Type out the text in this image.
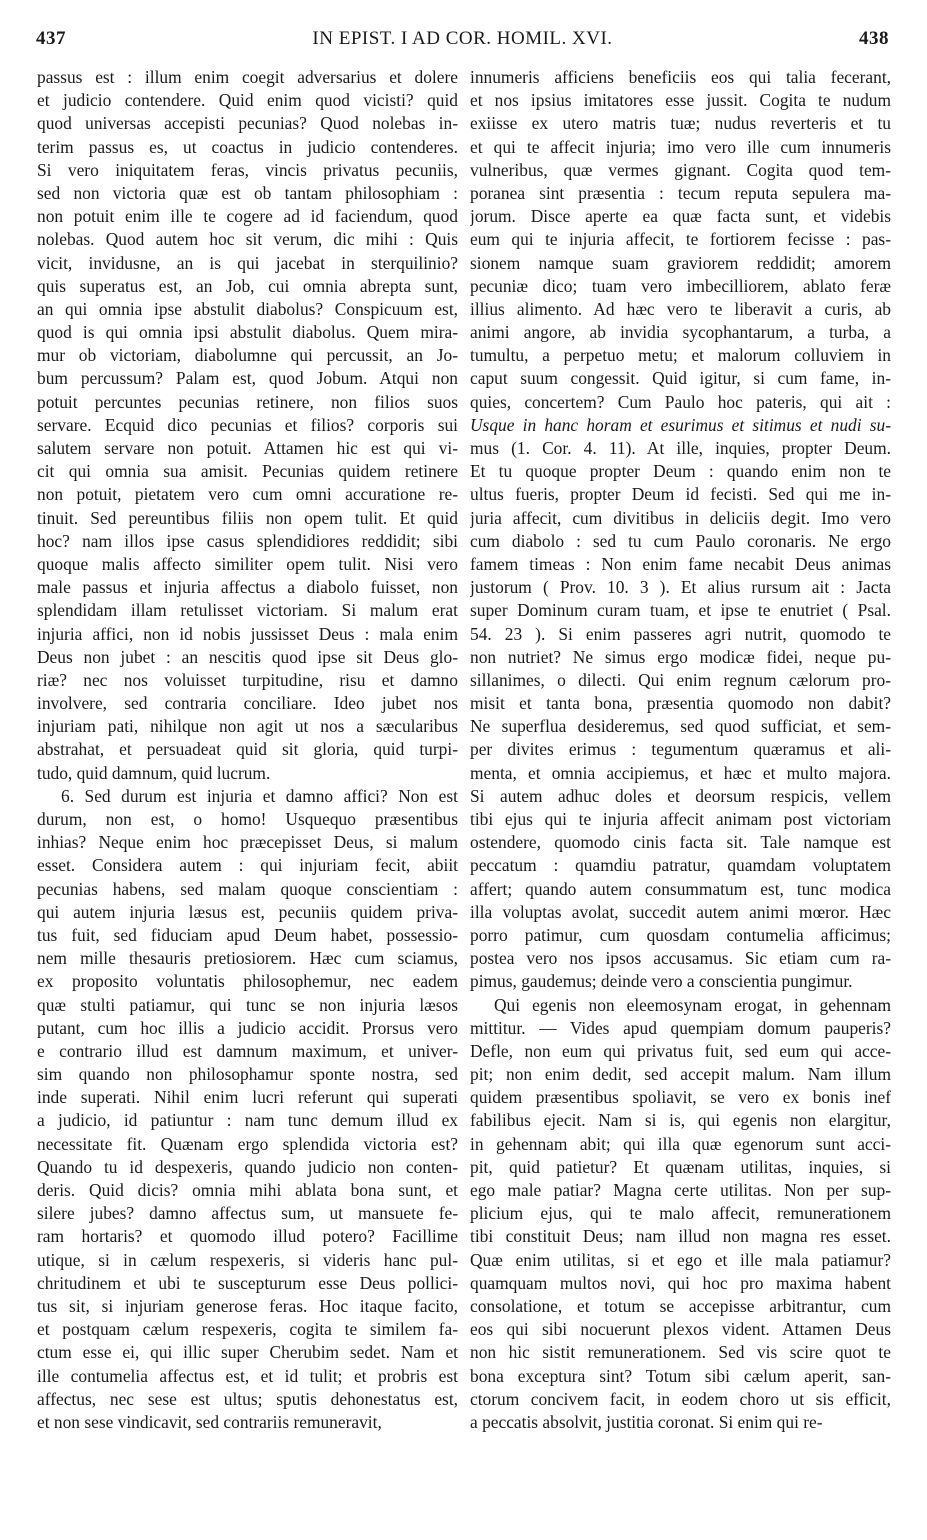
437	IN EPIST. I AD COR. HOMIL. XVI.	438
passus est : illum enim coegit adversarius et dolere
et judicio contendere. Quid enim quod vicisti? quid
quod universas accepisti pecunias? Quod nolebas in-
terim passus es, ut coactus in judicio contenderes.
Si vero iniquitatem feras, vincis privatus pecuniis,
sed non victoria quæ est ob tantam philosophiam :
non potuit enim ille te cogere ad id faciendum, quod
nolebas. Quod autem hoc sit verum, dic mihi : Quis
vicit, invidusne, an is qui jacebat in sterquilinio?
quis superatus est, an Job, cui omnia abrepta sunt,
an qui omnia ipse abstulit diabolus? Conspicuum est,
quod is qui omnia ipsi abstulit diabolus. Quem mira-
mur ob victoriam, diabolumne qui percussit, an Jo-
bum percussum? Palam est, quod Jobum. Atqui non
potuit percuntes pecunias retinere, non filios suos
servare. Ecquid dico pecunias et filios? corporis sui
salutem servare non potuit. Attamen hic est qui vi-
cit qui omnia sua amisit. Pecunias quidem retinere
non potuit, pietatem vero cum omni accuratione re-
tinuit. Sed pereuntibus filiis non opem tulit. Et quid
hoc? nam illos ipse casus splendidiores reddidit; sibi
quoque malis affecto similiter opem tulit. Nisi vero
male passus et injuria affectus a diabolo fuisset, non
splendidam illam retulisset victoriam. Si malum erat
injuria affici, non id nobis jussisset Deus : mala enim
Deus non jubet : an nescitis quod ipse sit Deus glo-
riæ? nec nos voluisset turpitudine, risu et damno
involvere, sed contraria conciliare. Ideo jubet nos
injuriam pati, nihilque non agit ut nos a sæcularibus
abstrahat, et persuadeat quid sit gloria, quid turpi-
tudo, quid damnum, quid lucrum.
6. Sed durum est injuria et damno affici? Non est
durum, non est, o homo! Usquequo præsentibus
inhias? Neque enim hoc præcepisset Deus, si malum
esset. Considera autem : qui injuriam fecit, abiit
pecunias habens, sed malam quoque conscientiam :
qui autem injuria læsus est, pecuniis quidem priva-
tus fuit, sed fiduciam apud Deum habet, possessio-
nem mille thesauris pretiosiorem. Hæc cum sciamus,
ex proposito voluntatis philosophemur, nec eadem
quæ stulti patiamur, qui tunc se non injuria læsos
putant, cum hoc illis a judicio accidit. Prorsus vero
e contrario illud est damnum maximum, et univer-
sim quando non philosophamur sponte nostra, sed
inde superati. Nihil enim lucri referunt qui superati
a judicio, id patiuntur : nam tunc demum illud ex
necessitate fit. Quænam ergo splendida victoria est?
Quando tu id despexeris, quando judicio non conten-
deris. Quid dicis? omnia mihi ablata bona sunt, et
silere jubes? damno affectus sum, ut mansuete fe-
ram hortaris? et quomodo illud potero? Facillime
utique, si in cælum respexeris, si videris hanc pul-
chritudinem et ubi te suscepturum esse Deus pollici-
tus sit, si injuriam generose feras. Hoc itaque facito,
et postquam cælum respexeris, cogita te similem fa-
ctum esse ei, qui illic super Cherubim sedet. Nam et
ille contumelia affectus est, et id tulit; et probris est
affectus, nec sese est ultus; sputis dehonestatus est,
et non sese vindicavit, sed contrariis remuneravit,
innumeris afficiens beneficiis eos qui talia fecerant,
et nos ipsius imitatores esse jussit. Cogita te nudum
exiisse ex utero matris tuæ; nudus reverteris et tu
et qui te affecit injuria; imo vero ille cum innumeris
vulneribus, quæ vermes gignant. Cogita quod tem-
poranea sint præsentia : tecum reputa sepulera ma-
jorum. Disce aperte ea quæ facta sunt, et videbis
eum qui te injuria affecit, te fortiorem fecisse : pas-
sionem namque suam graviorem reddidit; amorem
pecuniæ dico; tuam vero imbecilliorem, ablato feræ
illius alimento. Ad hæc vero te liberavit a curis, ab
animi angore, ab invidia sycophantarum, a turba, a
tumultu, a perpetuo metu; et malorum colluviem in
caput suum congessit. Quid igitur, si cum fame, in-
quies, concertem? Cum Paulo hoc pateris, qui ait :
Usque in hanc horam et esurimus et sitimus et nudi su-
mus (1. Cor. 4. 11). At ille, inquies, propter Deum.
Et tu quoque propter Deum : quando enim non te
ultus fueris, propter Deum id fecisti. Sed qui me in-
juria affecit, cum divitibus in deliciis degit. Imo vero
cum diabolo : sed tu cum Paulo coronaris. Ne ergo
famem timeas : Non enim fame necabit Deus animas
justorum ( Prov. 10. 3 ). Et alius rursum ait : Jacta
super Dominum curam tuam, et ipse te enutriet ( Psal.
54. 23 ). Si enim passeres agri nutrit, quomodo te
non nutriet? Ne simus ergo modicæ fidei, neque pu-
sillanimes, o dilecti. Qui enim regnum cælorum pro-
misit et tanta bona, præsentia quomodo non dabit?
Ne superflua desideremus, sed quod sufficiat, et sem-
per divites erimus : tegumentum quæramus et ali-
menta, et omnia accipiemus, et hæc et multo majora.
Si autem adhuc doles et deorsum respicis, vellem
tibi ejus qui te injuria affecit animam post victoriam
ostendere, quomodo cinis facta sit. Tale namque est
peccatum : quamdiu patratur, quamdam voluptatem
affert; quando autem consummatum est, tunc modica
illa voluptas avolat, succedit autem animi mœror. Hæc
porro patimur, cum quosdam contumelia afficimus;
postea vero nos ipsos accusamus. Sic etiam cum ra-
pimus, gaudemus; deinde vero a conscientia pungimur.
Qui egenis non eleemosynam erogat, in gehennam
mittitur. — Vides apud quempiam domum pauperis?
Defle, non eum qui privatus fuit, sed eum qui acce-
pit; non enim dedit, sed accepit malum. Nam illum
quidem præsentibus spoliavit, se vero ex bonis inef
fabilibus ejecit. Nam si is, qui egenis non elargitur,
in gehennam abit; qui illa quæ egenorum sunt acci-
pit, quid patietur? Et quænam utilitas, inquies, si
ego male patiar? Magna certe utilitas. Non per sup-
plicium ejus, qui te malo affecit, remunerationem
tibi constituit Deus; nam illud non magna res esset.
Quæ enim utilitas, si et ego et ille mala patiamur?
quamquam multos novi, qui hoc pro maxima habent
consolatione, et totum se accepisse arbitrantur, cum
eos qui sibi nocuerunt plexos vident. Attamen Deus
non hic sistit remunerationem. Sed vis scire quot te
bona exceptura sint? Totum sibi cælum aperit, san-
ctorum concivem facit, in eodem choro ut sis efficit,
a peccatis absolvit, justitia coronat. Si enim qui re-
